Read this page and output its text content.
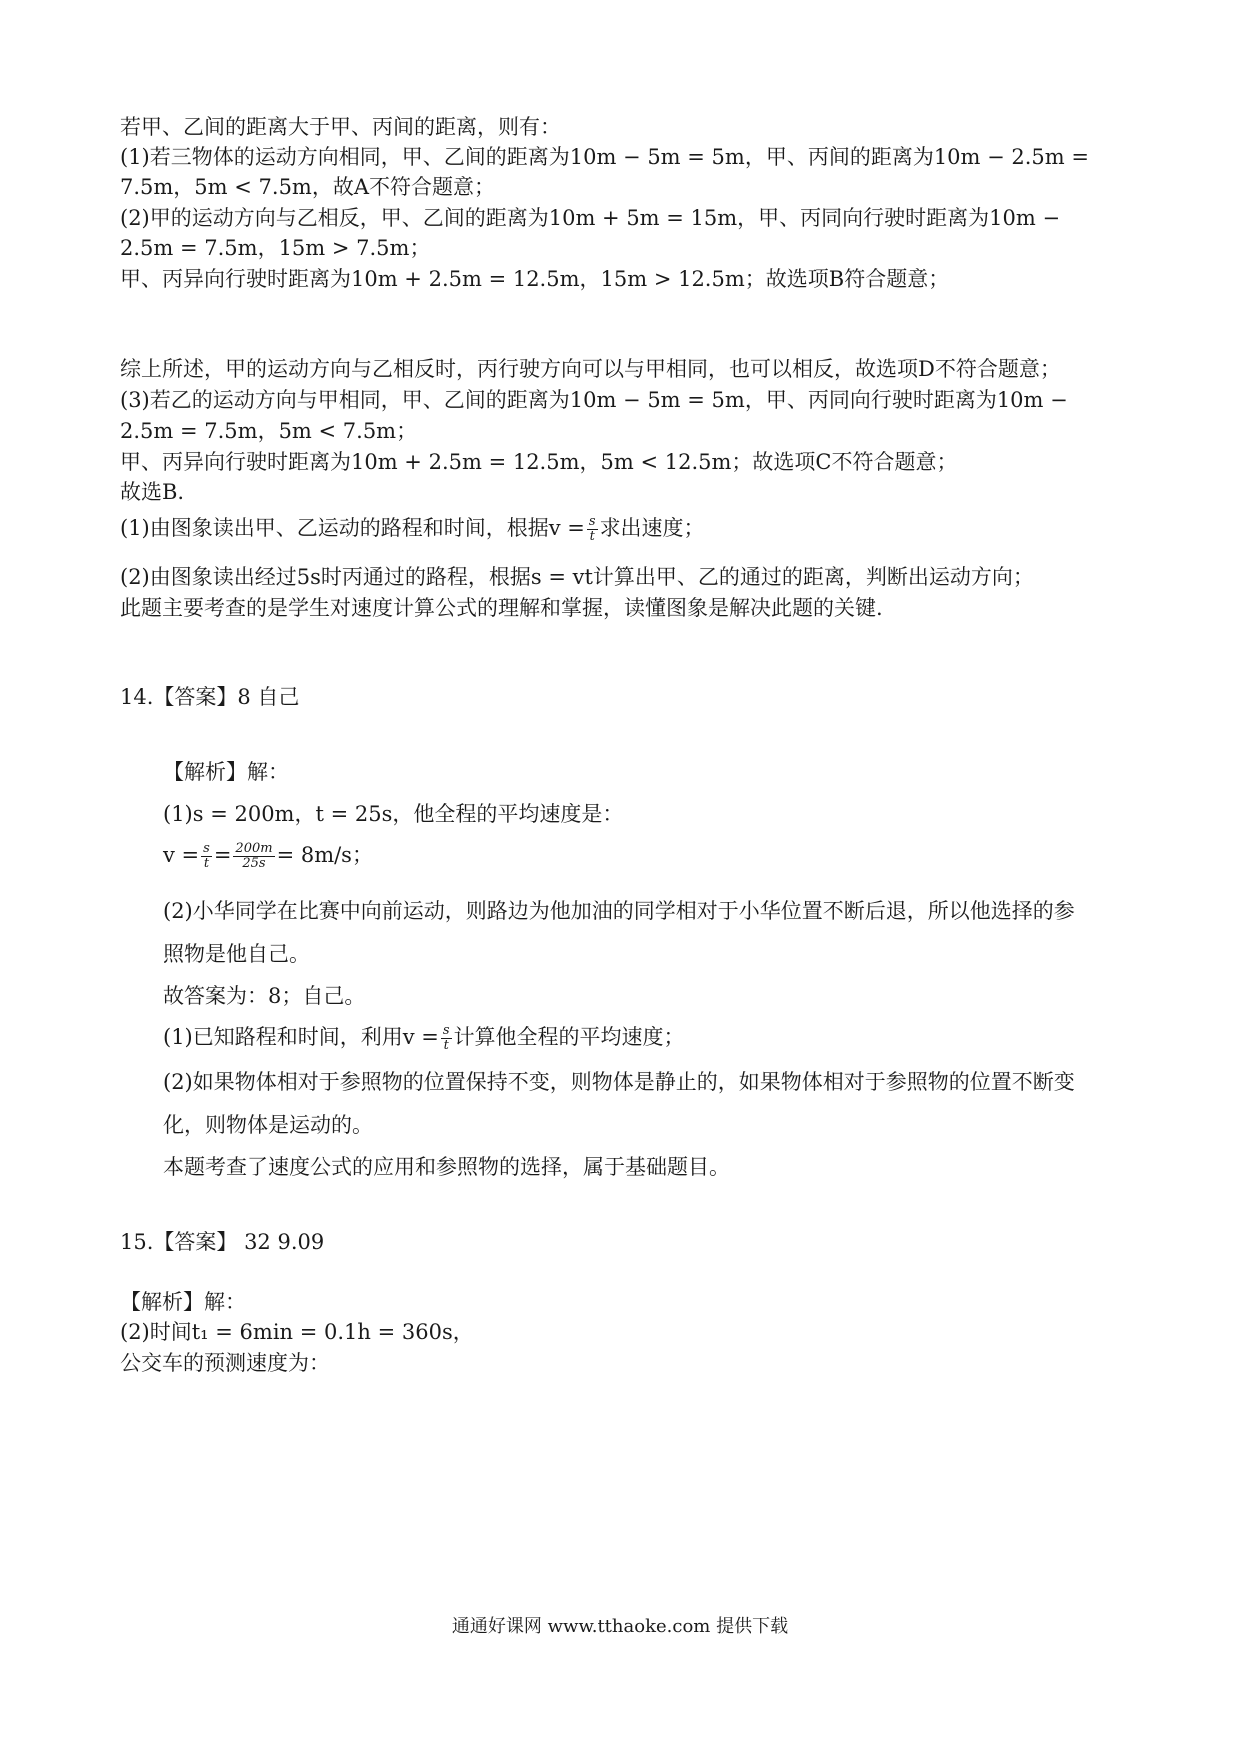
若甲、乙间的距离大于甲、丙间的距离，则有：
(1)若三物体的运动方向相同，甲、乙间的距离为10m − 5m = 5m，甲、丙间的距离为10m − 2.5m =
7.5m，5m < 7.5m，故A不符合题意；
(2)甲的运动方向与乙相反，甲、乙间的距离为10m + 5m = 15m，甲、丙同向行驶时距离为10m −
2.5m = 7.5m，15m > 7.5m；
甲、丙异向行驶时距离为10m + 2.5m = 12.5m，15m > 12.5m；故选项B符合题意；
综上所述，甲的运动方向与乙相反时，丙行驶方向可以与甲相同，也可以相反，故选项D不符合题意；
(3)若乙的运动方向与甲相同，甲、乙间的距离为10m − 5m = 5m，甲、丙同向行驶时距离为10m −
2.5m = 7.5m，5m < 7.5m；
甲、丙异向行驶时距离为10m + 2.5m = 12.5m，5m < 12.5m；故选项C不符合题意；
故选B.
(1)由图象读出甲、乙运动的路程和时间，根据$v = \frac{s}{t}$ 求出速度；
(2)由图象读出经过5s时丙通过的路程，根据s = vt计算出甲、乙的通过的距离，判断出运动方向；
此题主要考查的是学生对速度计算公式的理解和掌握，读懂图象是解决此题的关键.
14.【答案】8 自己
【解析】解：
(1)s = 200m，t = 25s，他全程的平均速度是：
$v = \frac{s}{t} = \frac{200m}{25s} = 8m/s$；
(2)小华同学在比赛中向前运动，则路边为他加油的同学相对于小华位置不断后退，所以他选择的参
照物是他自己。
故答案为：8；自己。
(1)已知路程和时间，利用$v = \frac{s}{t}$ 计算他全程的平均速度；
(2)如果物体相对于参照物的位置保持不变，则物体是静止的，如果物体相对于参照物的位置不断变
化，则物体是运动的。
本题考查了速度公式的应用和参照物的选择，属于基础题目。
15.【答案】 32 9.09
【解析】解：
(2)时间t₁ = 6min = 0.1h = 360s，
公交车的预测速度为：
通通好课网 www.tthaoke.com 提供下载
